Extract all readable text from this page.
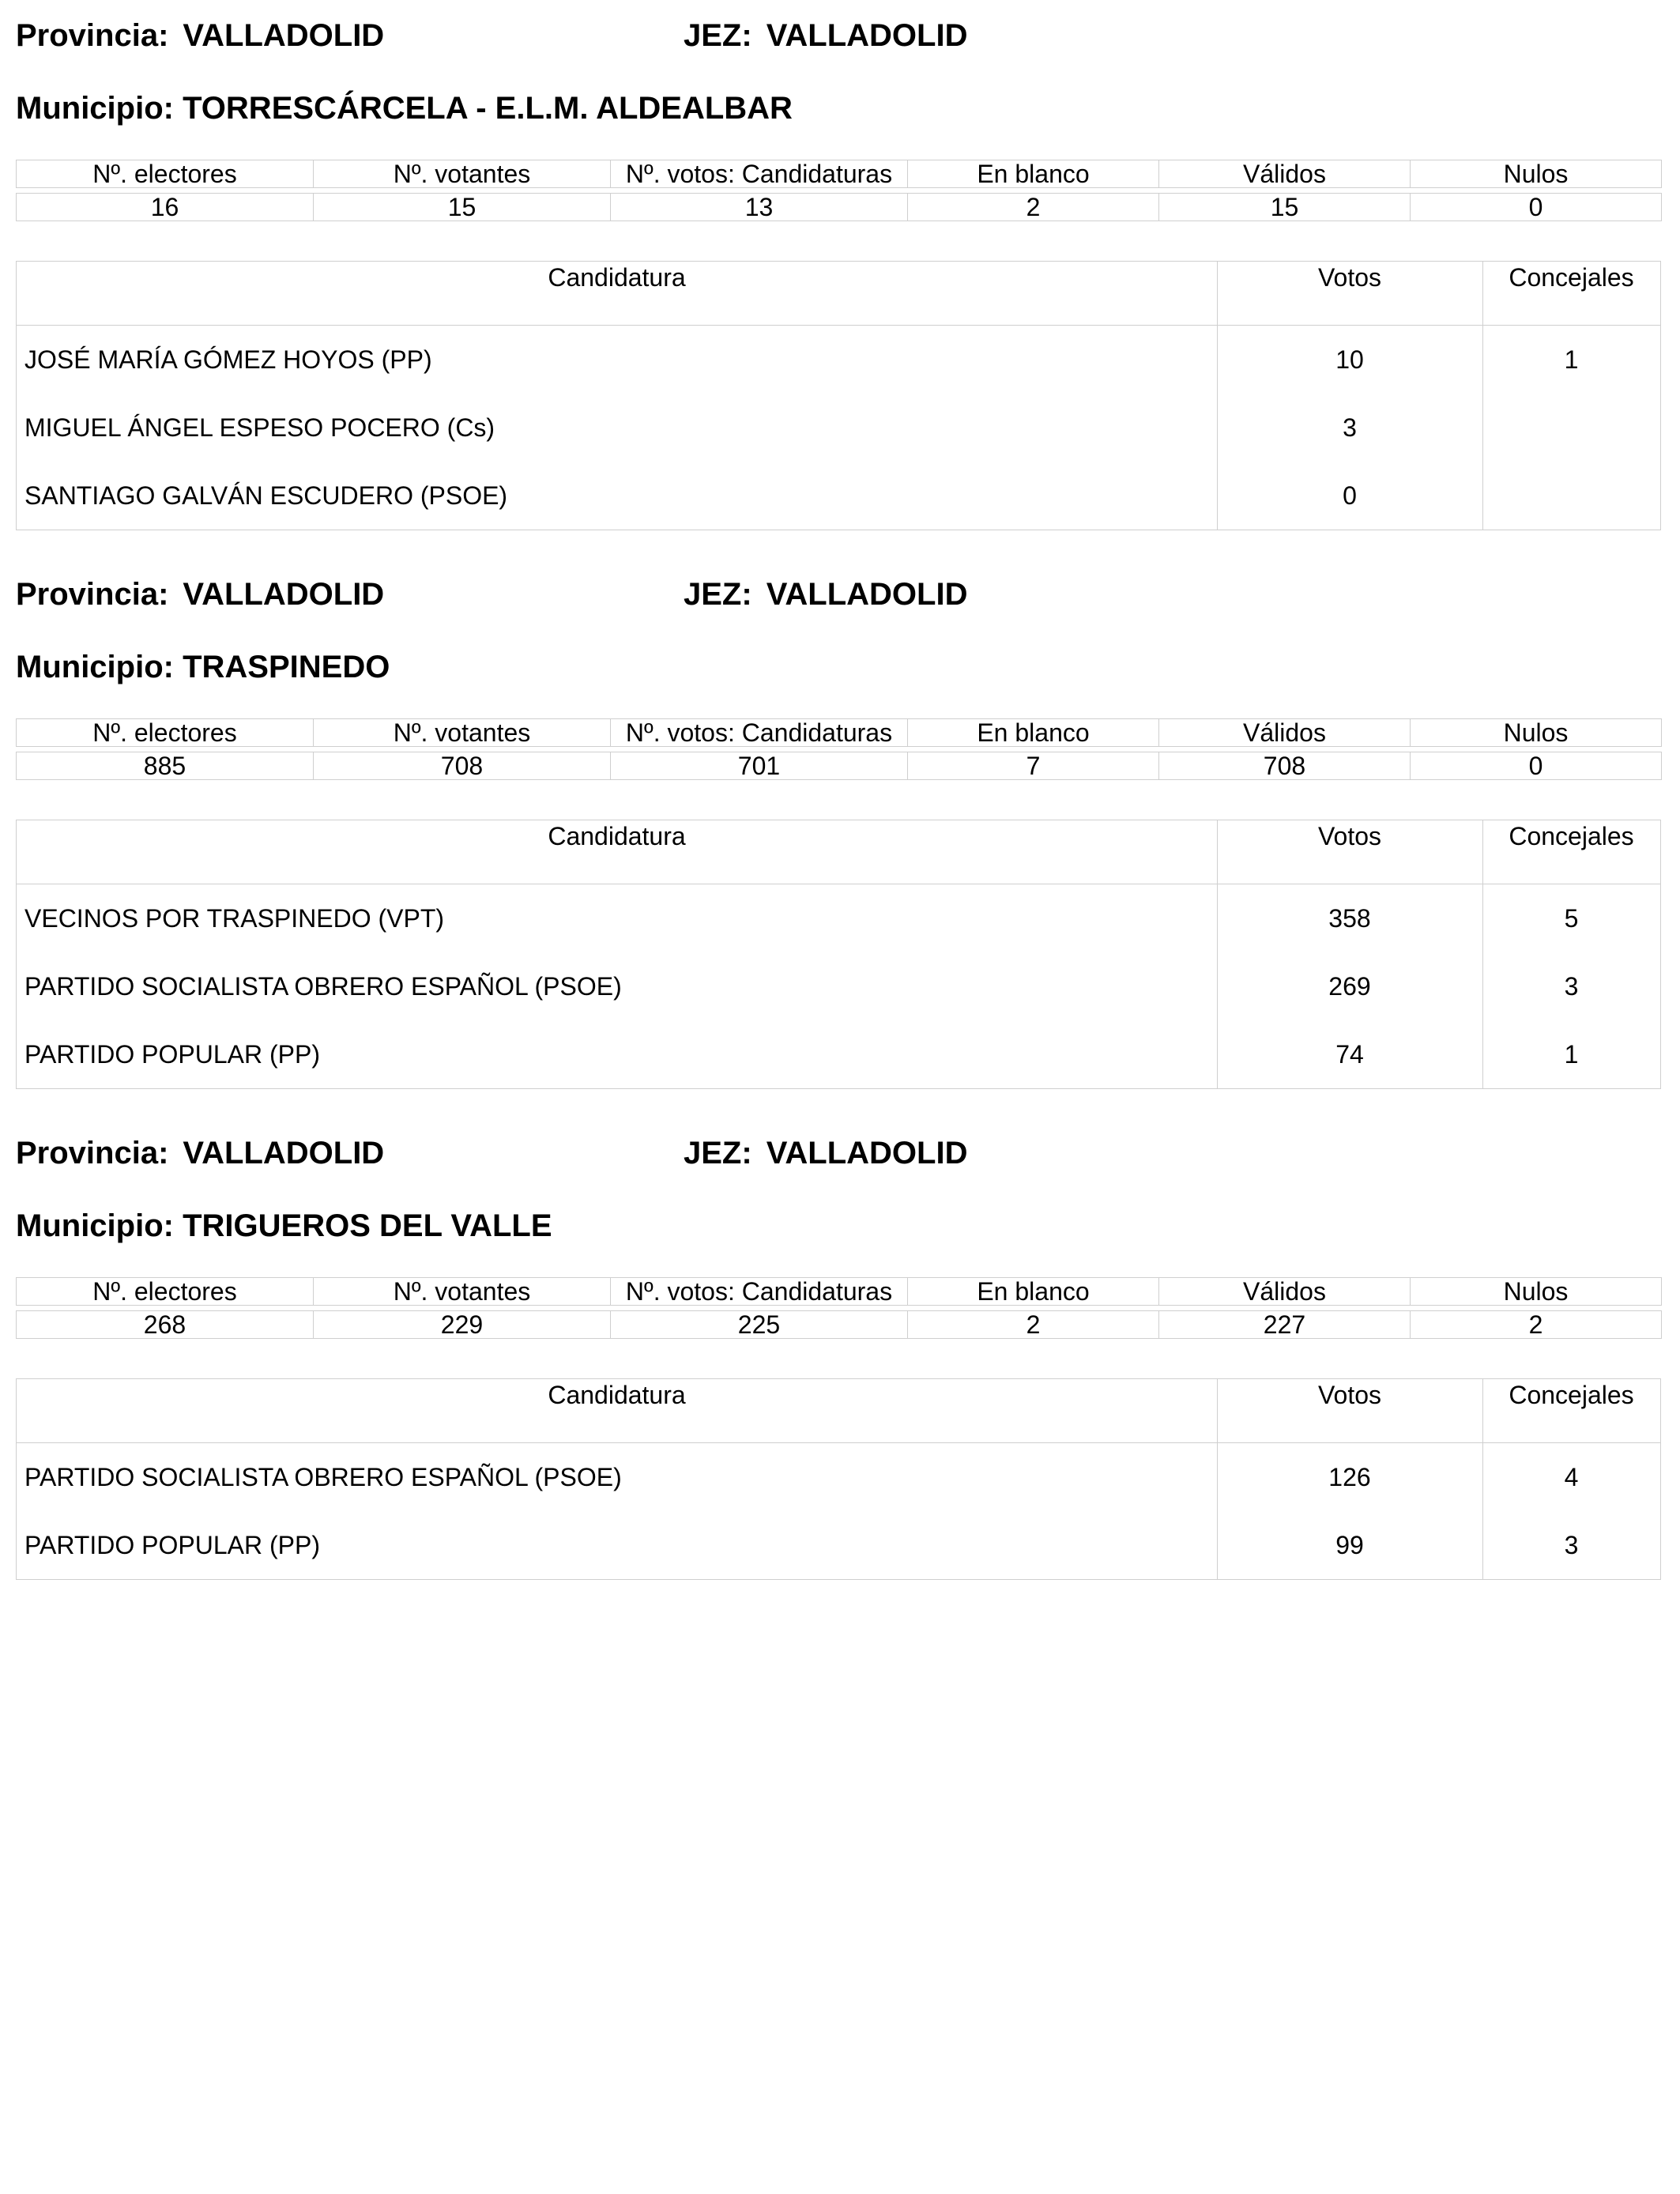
Provincia: VALLADOLID	JEZ: VALLADOLID
Municipio: TORRESCÁRCELA - E.L.M. ALDEALBAR
Nº. electores	Nº. votantes	Nº. votos: Candidaturas	En blanco	Válidos	Nulos

16	15	13	2	15	0
Candidatura	Votos	Concejales
JOSÉ MARÍA GÓMEZ HOYOS (PP)	10	1
MIGUEL ÁNGEL ESPESO POCERO (Cs)	3
SANTIAGO GALVÁN ESCUDERO (PSOE)	0
Provincia: VALLADOLID	JEZ: VALLADOLID
Municipio: TRASPINEDO
Nº. electores	Nº. votantes	Nº. votos: Candidaturas	En blanco	Válidos	Nulos

885	708	701	7	708	0
Candidatura	Votos	Concejales
VECINOS POR TRASPINEDO (VPT)	358	5
PARTIDO SOCIALISTA OBRERO ESPAÑOL (PSOE)	269	3
PARTIDO POPULAR (PP)	74	1
Provincia: VALLADOLID	JEZ: VALLADOLID
Municipio: TRIGUEROS DEL VALLE
Nº. electores	Nº. votantes	Nº. votos: Candidaturas	En blanco	Válidos	Nulos

268	229	225	2	227	2
Candidatura	Votos	Concejales
PARTIDO SOCIALISTA OBRERO ESPAÑOL (PSOE)	126	4
PARTIDO POPULAR (PP)	99	3
